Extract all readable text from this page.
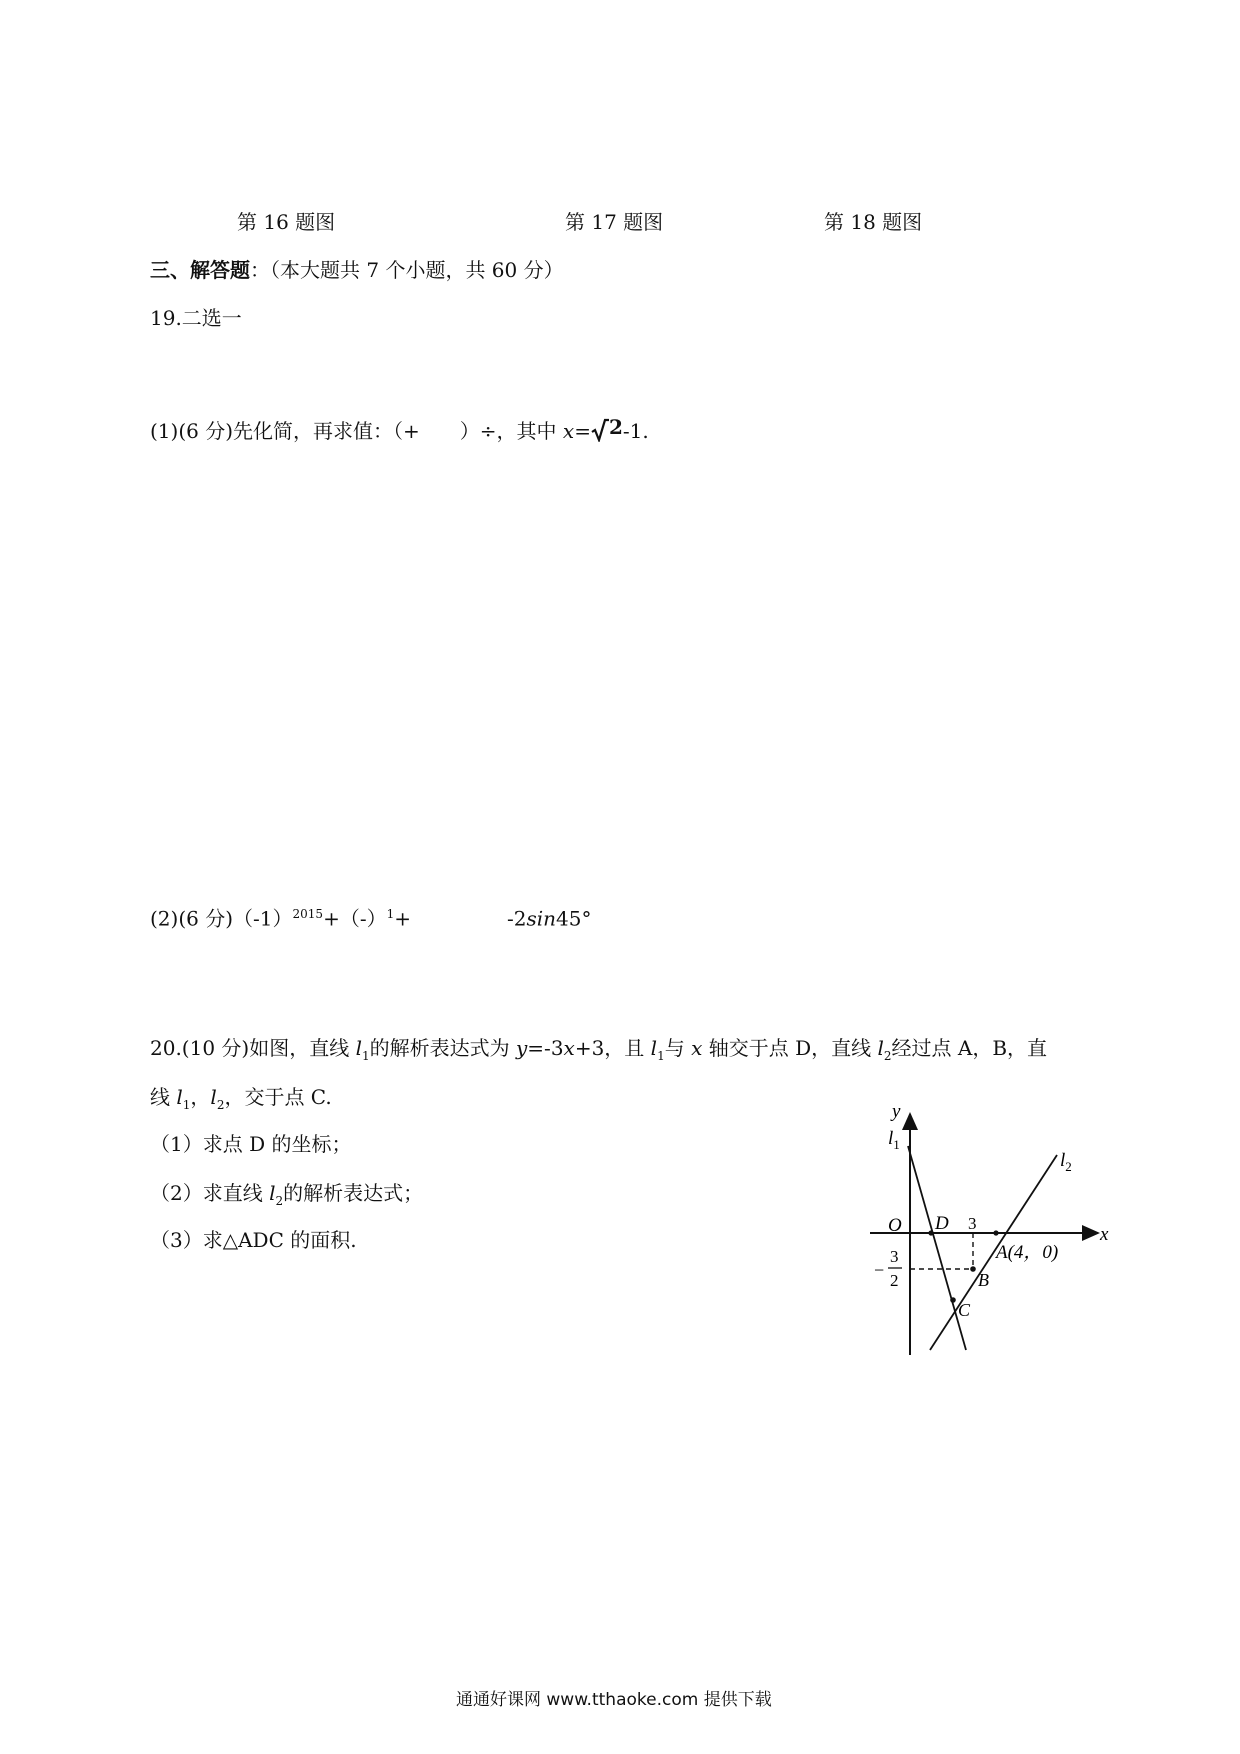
第 16 题图	第 17 题图	第 18 题图
三、解答题：（本大题共 7 个小题，共 60 分）
19.二选一
(1)(6 分)先化简，再求值：（+　　）÷，其中 x= 2-1.
(2)(6 分)$(-1)^{2015}+(-)^1+$	-2sin45°
20.(10 分)如图，直线 $l_1$的解析表达式为 y=-3x+3，且 $l_1$与 x 轴交于点 D，直线 $l_2$经过点 A，B，直
线 $l_1$，$l_2$，交于点 C.
（1）求点 D 的坐标；
（2）求直线 $l_2$的解析表达式；
（3）求△ADC 的面积.
y
x
O
$l_1$
$l_2$
D 3
A(4，0)
B
C
−
3
2
通通好课网 www.tthaoke.com 提供下载
